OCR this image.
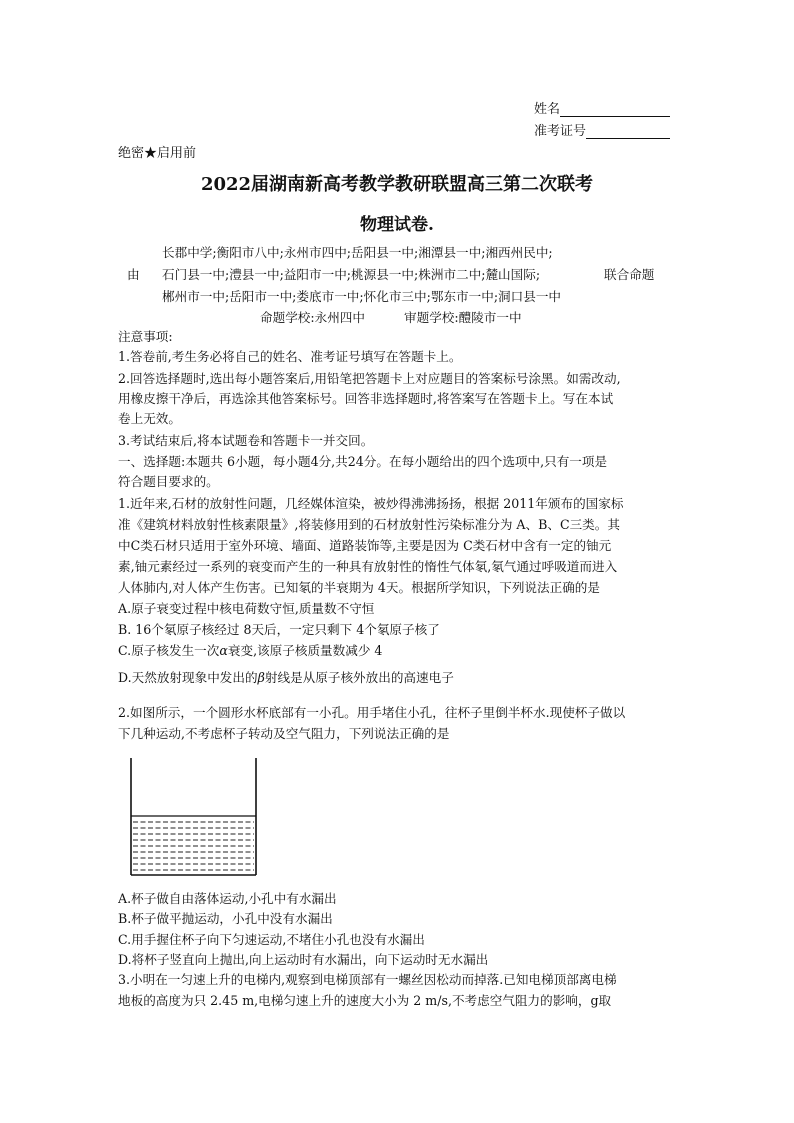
姓名
准考证号
绝密★启用前
2022届湖南新高考教学教研联盟高三第二次联考
物理试卷.
长郡中学;衡阳市八中;永州市四中;岳阳县一中;湘潭县一中;湘西州民中;
由 石门县一中;澧县一中;益阳市一中;桃源县一中;株洲市二中;麓山国际;	联合命题
郴州市一中;岳阳市一中;娄底市一中;怀化市三中;鄂东市一中;洞口县一中
命题学校:永州四中	审题学校:醴陵市一中
注意事项:
1.答卷前,考生务必将自己的姓名、准考证号填写在答题卡上。
2.回答选择题时,选出每小题答案后,用铅笔把答题卡上对应题目的答案标号涂黑。如需改动,
用橡皮擦干净后，再选涂其他答案标号。回答非选择题时,将答案写在答题卡上。写在本试
卷上无效。
3.考试结束后,将本试题卷和答题卡一并交回。
一、选择题:本题共 6小题，每小题4分,共24分。在每小题给出的四个选项中,只有一项是
符合题目要求的。
1.近年来,石材的放射性问题，几经媒体渲染，被炒得沸沸扬扬，根据 2011年颁布的国家标
准《建筑材料放射性核素限量》,将装修用到的石材放射性污染标准分为 A、B、C三类。其
中C类石材只适用于室外环境、墙面、道路装饰等,主要是因为 C类石材中含有一定的铀元
素,铀元素经过一系列的衰变而产生的一种具有放射性的惰性气体氡,氡气通过呼吸道而进入
人体肺内,对人体产生伤害。已知氡的半衰期为 4天。根据所学知识，下列说法正确的是
A.原子衰变过程中核电荷数守恒,质量数不守恒
B. 16个氡原子核经过 8天后，一定只剩下 4个氡原子核了
C.原子核发生一次α衰变,该原子核质量数减少 4
D.天然放射现象中发出的β射线是从原子核外放出的高速电子
2.如图所示，一个圆形水杯底部有一小孔。用手堵住小孔，往杯子里倒半杯水.现使杯子做以
下几种运动,不考虑杯子转动及空气阻力，下列说法正确的是
A.杯子做自由落体运动,小孔中有水漏出
B.杯子做平抛运动，小孔中没有水漏出
C.用手握住杯子向下匀速运动,不堵住小孔也没有水漏出
D.将杯子竖直向上抛出,向上运动时有水漏出，向下运动时无水漏出
3.小明在一匀速上升的电梯内,观察到电梯顶部有一螺丝因松动而掉落.已知电梯顶部离电梯
地板的高度为只 2.45 m,电梯匀速上升的速度大小为 2 m/s,不考虑空气阻力的影响，g取
